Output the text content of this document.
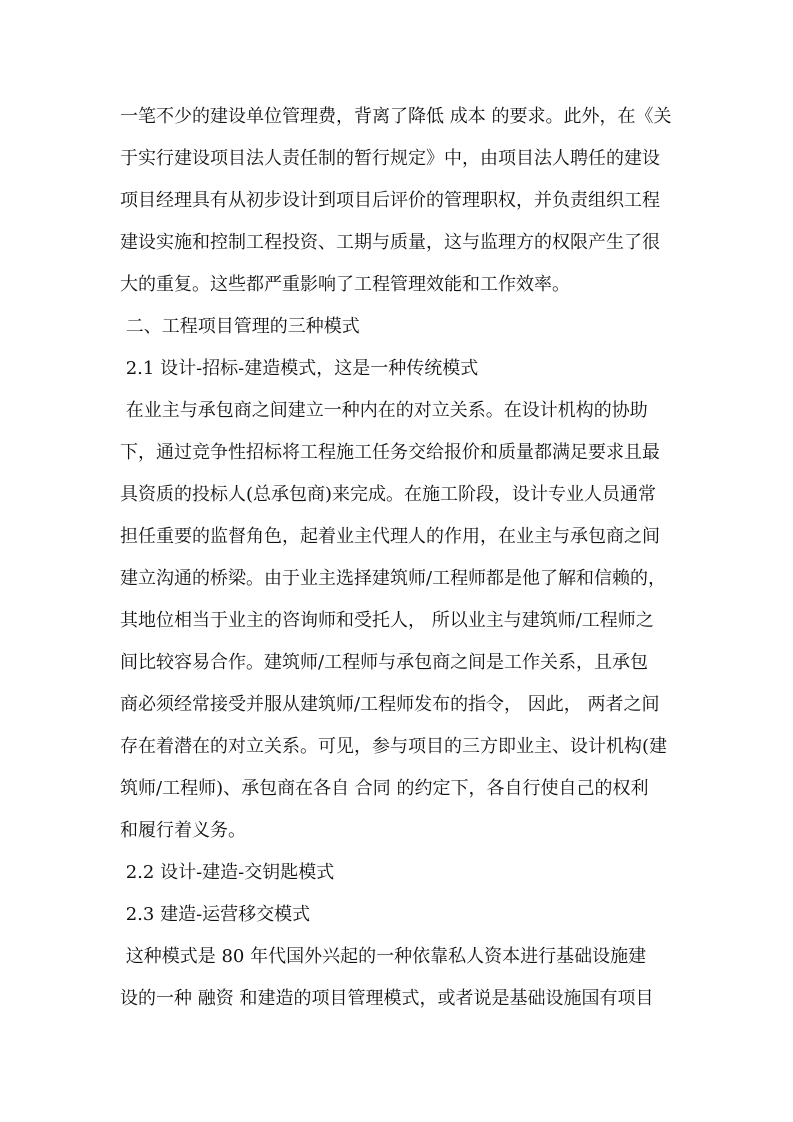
一笔不少的建设单位管理费，背离了降低 成本 的要求。此外，在《关
于实行建设项目法人责任制的暂行规定》中，由项目法人聘任的建设
项目经理具有从初步设计到项目后评价的管理职权，并负责组织工程
建设实施和控制工程投资、工期与质量，这与监理方的权限产生了很
大的重复。这些都严重影响了工程管理效能和工作效率。
二、工程项目管理的三种模式
2.1 设计-招标-建造模式，这是一种传统模式
在业主与承包商之间建立一种内在的对立关系。在设计机构的协助
下，通过竞争性招标将工程施工任务交给报价和质量都满足要求且最
具资质的投标人(总承包商)来完成。在施工阶段，设计专业人员通常
担任重要的监督角色，起着业主代理人的作用，在业主与承包商之间
建立沟通的桥梁。由于业主选择建筑师/工程师都是他了解和信赖的，
其地位相当于业主的咨询师和受托人， 所以业主与建筑师/工程师之
间比较容易合作。建筑师/工程师与承包商之间是工作关系，且承包
商必须经常接受并服从建筑师/工程师发布的指令， 因此， 两者之间
存在着潜在的对立关系。可见，参与项目的三方即业主、设计机构(建
筑师/工程师)、承包商在各自 合同 的约定下，各自行使自己的权利
和履行着义务。
2.2 设计-建造-交钥匙模式
2.3 建造-运营移交模式
这种模式是 80 年代国外兴起的一种依靠私人资本进行基础设施建
设的一种 融资 和建造的项目管理模式，或者说是基础设施国有项目
